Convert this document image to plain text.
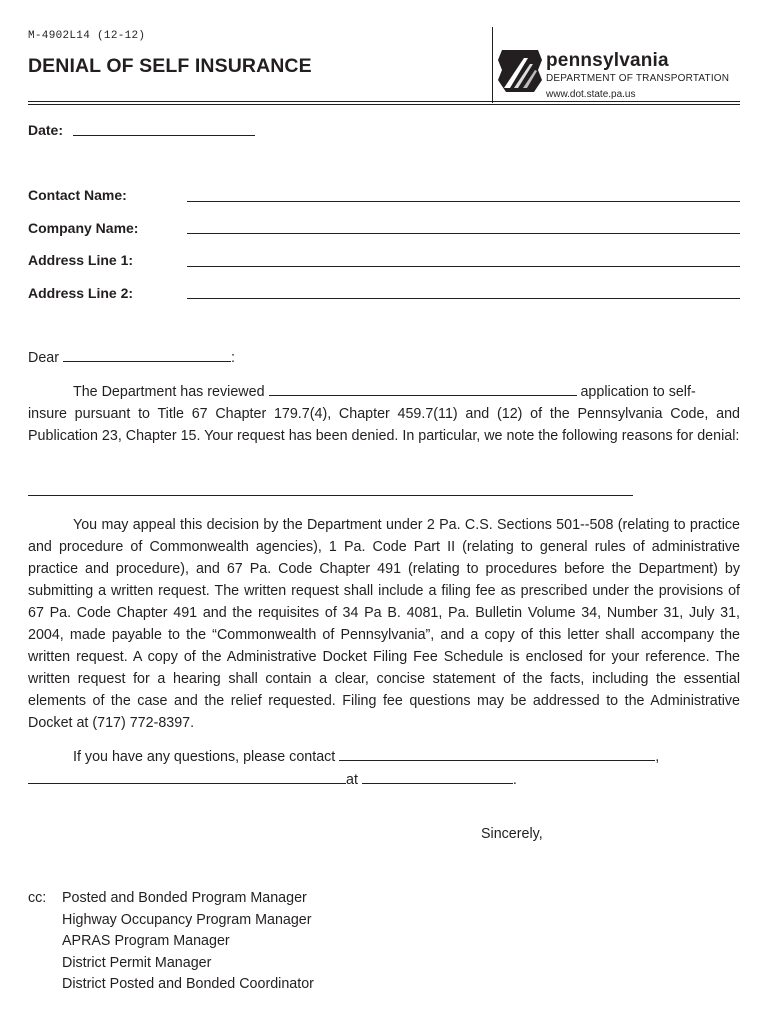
M-4902L14 (12-12)
DENIAL OF SELF INSURANCE	pennsylvania
DEPARTMENT OF TRANSPORTATION
www.dot.state.pa.us
Date:
Contact Name:
Company Name:
Address Line 1:
Address Line 2:
Dear	:
The Department has reviewed	application to self-
insure pursuant to Title 67 Chapter 179.7(4), Chapter 459.7(11) and (12) of the Pennsylvania Code, and Publication 23, Chapter 15. Your request has been denied. In particular, we note the following reasons for denial:
You may appeal this decision by the Department under 2 Pa. C.S. Sections 501--508 (relating to practice and procedure of Commonwealth agencies), 1 Pa. Code Part II (relating to general rules of administrative practice and procedure), and 67 Pa. Code Chapter 491 (relating to procedures before the Department) by submitting a written request. The written request shall include a filing fee as prescribed under the provisions of 67 Pa. Code Chapter 491 and the requisites of 34 Pa B. 4081, Pa. Bulletin Volume 34, Number 31, July 31, 2004, made payable to the “Commonwealth of Pennsylvania”, and a copy of this letter shall accompany the written request. A copy of the Administrative Docket Filing Fee Schedule is enclosed for your reference. The written request for a hearing shall contain a clear, concise statement of the facts, including the essential elements of the case and the relief requested. Filing fee questions may be addressed to the Administrative Docket at (717) 772-8397.
If you have any questions, please contact	,
at	.
Sincerely,
cc: Posted and Bonded Program Manager
Highway Occupancy Program Manager
APRAS Program Manager
District Permit Manager
District Posted and Bonded Coordinator
